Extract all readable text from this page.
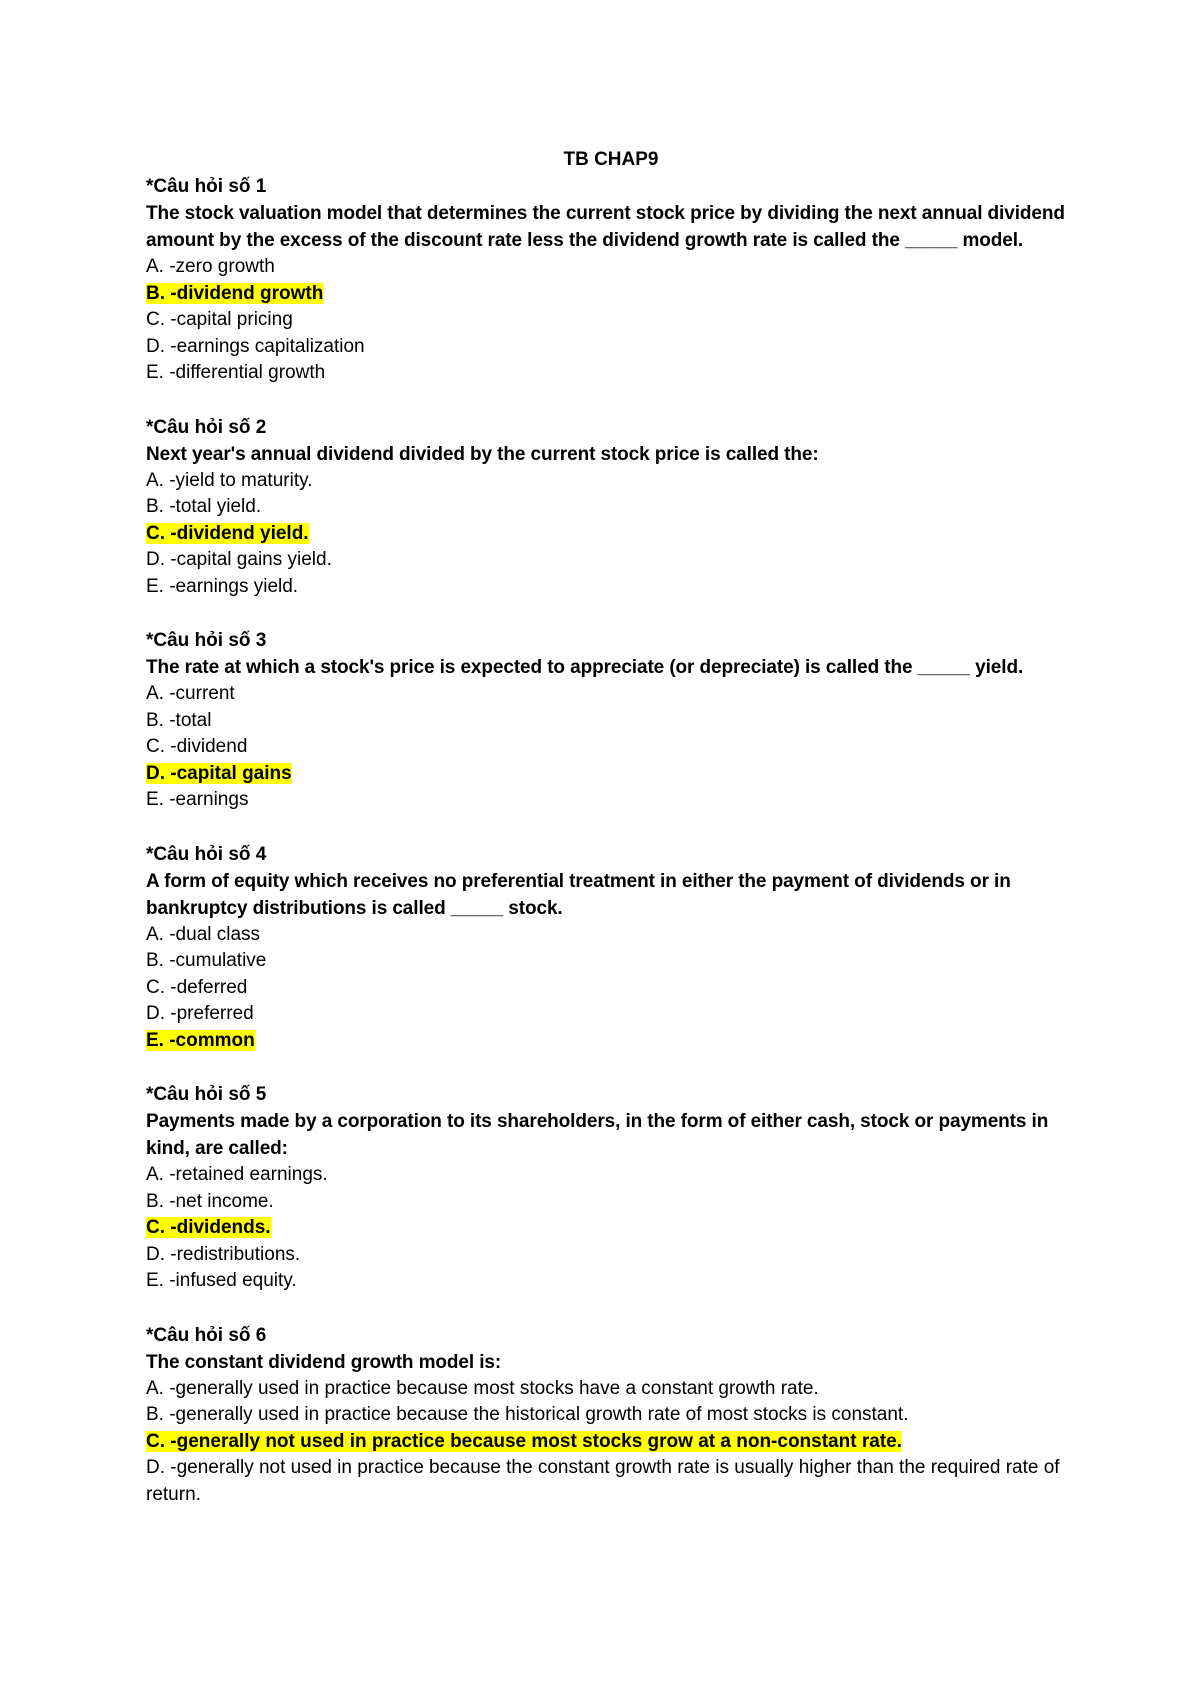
TB CHAP9

*Câu hỏi số 1

The stock valuation model that determines the current stock price by dividing the next annual dividend amount by the excess of the discount rate less the dividend growth rate is called the _____ model.

A. -zero growth
B. -dividend growth
C. -capital pricing
D. -earnings capitalization
E. -differential growth

*Câu hỏi số 2

Next year's annual dividend divided by the current stock price is called the:

A. -yield to maturity.
B. -total yield.
C. -dividend yield.
D. -capital gains yield.
E. -earnings yield.

*Câu hỏi số 3

The rate at which a stock's price is expected to appreciate (or depreciate) is called the _____ yield.

A. -current
B. -total
C. -dividend
D. -capital gains
E. -earnings

*Câu hỏi số 4

A form of equity which receives no preferential treatment in either the payment of dividends or in bankruptcy distributions is called _____ stock.

A. -dual class
B. -cumulative
C. -deferred
D. -preferred
E. -common

*Câu hỏi số 5

Payments made by a corporation to its shareholders, in the form of either cash, stock or payments in kind, are called:

A. -retained earnings.
B. -net income.
C. -dividends.
D. -redistributions.
E. -infused equity.

*Câu hỏi số 6

The constant dividend growth model is:

A. -generally used in practice because most stocks have a constant growth rate.
B. -generally used in practice because the historical growth rate of most stocks is constant.
C. -generally not used in practice because most stocks grow at a non-constant rate.
D. -generally not used in practice because the constant growth rate is usually higher than the required rate of return.
